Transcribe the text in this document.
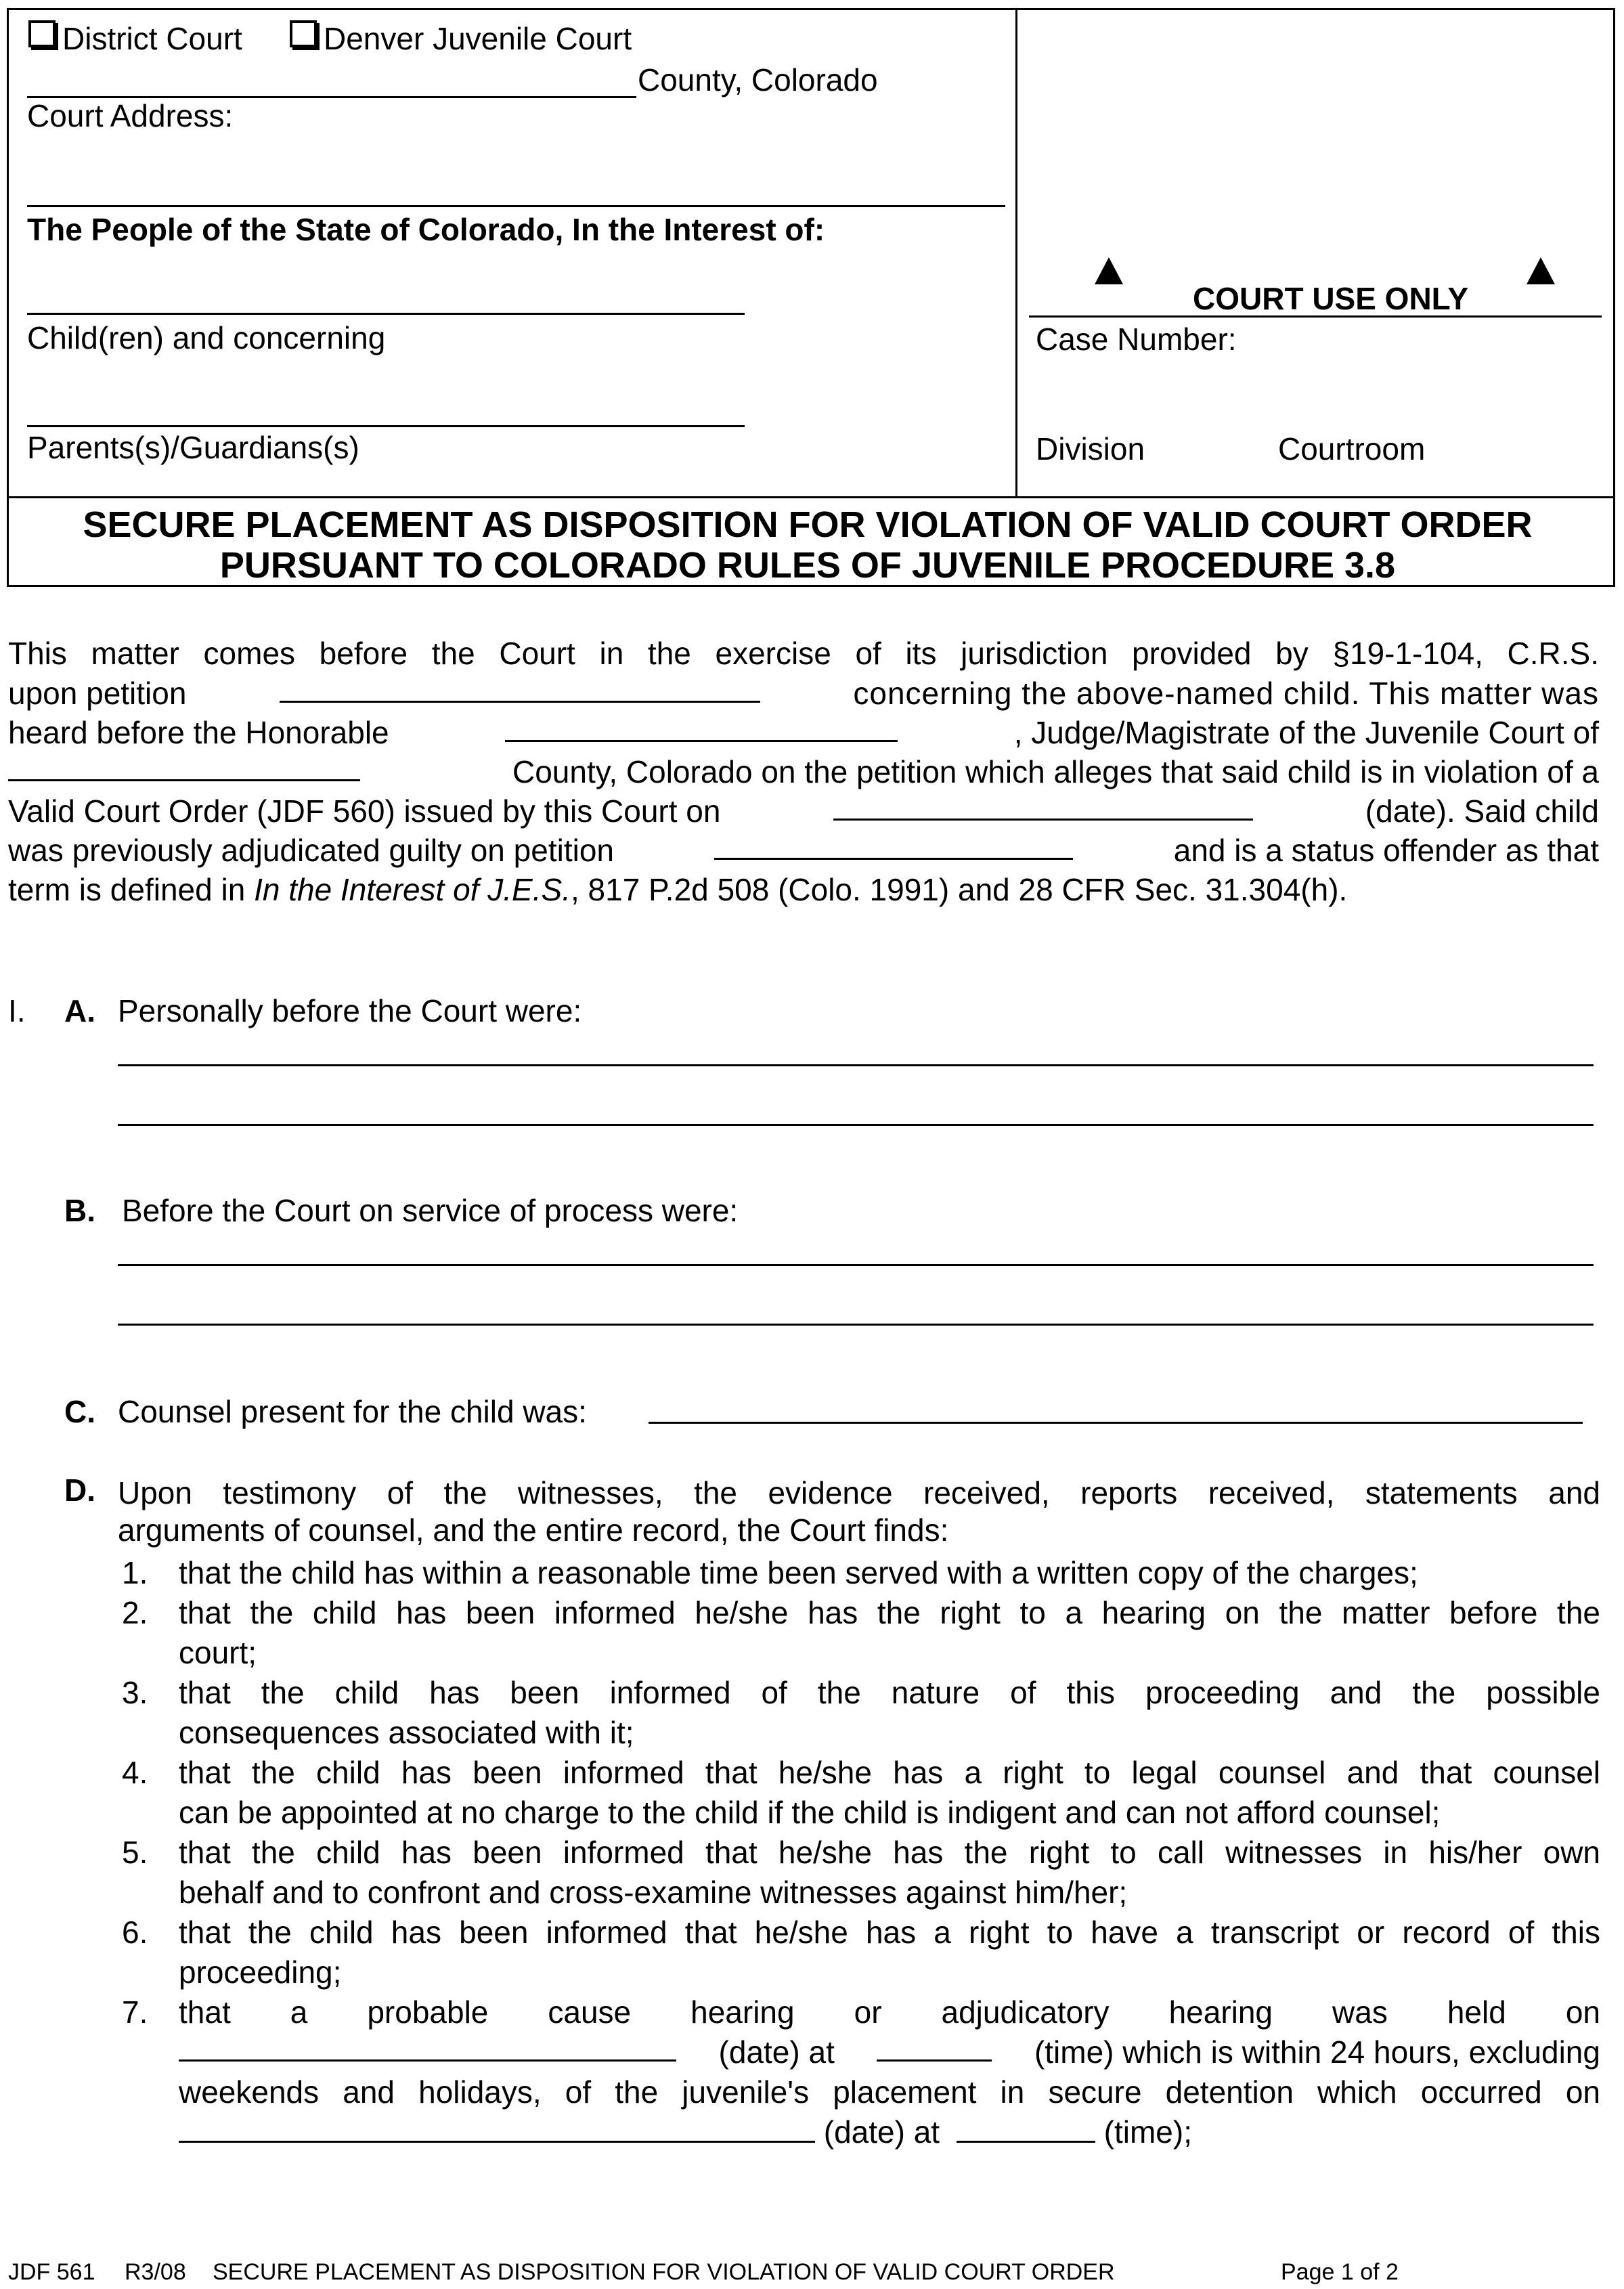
District Court	Denver Juvenile Court
County, Colorado
Court Address:
The People of the State of Colorado, In the Interest of:
Child(ren) and concerning
Parents(s)/Guardians(s)
COURT USE ONLY
Case Number:
Division	Courtroom
SECURE PLACEMENT AS DISPOSITION FOR VIOLATION OF VALID COURT ORDER
PURSUANT TO COLORADO RULES OF JUVENILE PROCEDURE 3.8
This matter comes before the Court in the exercise of its jurisdiction provided by §19-1-104, C.R.S.
upon petition	concerning the above-named child. This matter was
heard before the Honorable	, Judge/Magistrate of the Juvenile Court of
County, Colorado on the petition which alleges that said child is in violation of a
Valid Court Order (JDF 560) issued by this Court on	(date). Said child
was previously adjudicated guilty on petition	and is a status offender as that
term is defined in In the Interest of J.E.S., 817 P.2d 508 (Colo. 1991) and 28 CFR Sec. 31.304(h).
I. A. Personally before the Court were:
B. Before the Court on service of process were:
C. Counsel present for the child was:
D. Upon testimony of the witnesses, the evidence received, reports received, statements and
arguments of counsel, and the entire record, the Court finds:
1. that the child has within a reasonable time been served with a written copy of the charges;
2. that the child has been informed he/she has the right to a hearing on the matter before the
court;
3. that the child has been informed of the nature of this proceeding and the possible
consequences associated with it;
4. that the child has been informed that he/she has a right to legal counsel and that counsel
can be appointed at no charge to the child if the child is indigent and can not afford counsel;
5. that the child has been informed that he/she has the right to call witnesses in his/her own
behalf and to confront and cross-examine witnesses against him/her;
6. that the child has been informed that he/she has a right to have a transcript or record of this
proceeding;
7. that a probable cause hearing or adjudicatory hearing was held on
(date) at	(time) which is within 24 hours, excluding
weekends and holidays, of the juvenile's placement in secure detention which occurred on
(date) at	(time);
JDF 561 R3/08 SECURE PLACEMENT AS DISPOSITION FOR VIOLATION OF VALID COURT ORDER	Page 1 of 2
